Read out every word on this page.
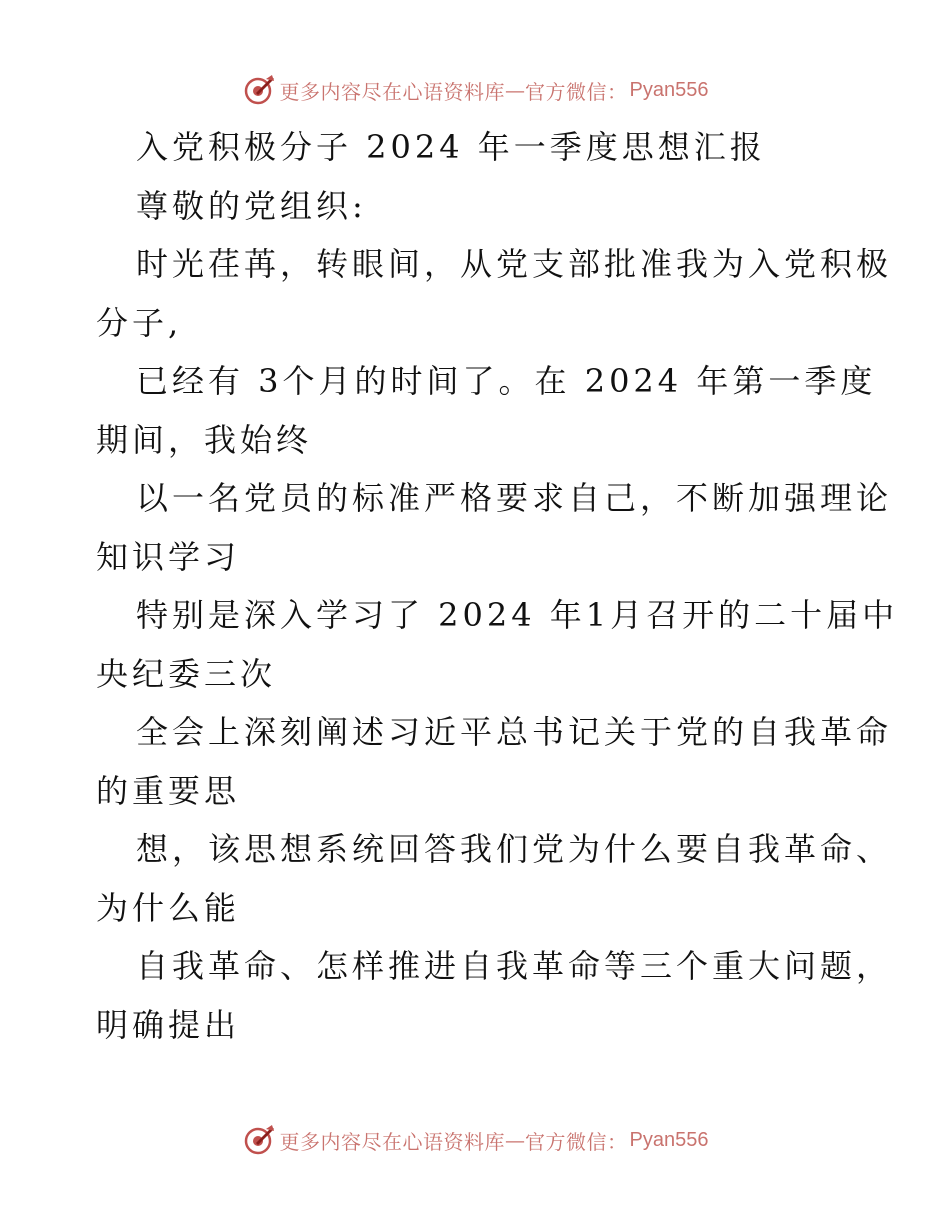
更多内容尽在心语资料库 — 官方微信： Pyan556
入党积极分子 2024 年一季度思想汇报
尊敬的党组织:
时光荏苒，转眼间，从党支部批准我为入党积极
分子,
已经有 3个月的时间了。在 2024 年第一季度
期间，我始终
以一名党员的标准严格要求自己，不断加强理论
知识学习
特别是深入学习了 2024 年1月召开的二十届中
央纪委三次
全会上深刻阐述习近平总书记关于党的自我革命
的重要思
想，该思想系统回答我们党为什么要自我革命、
为什么能
自我革命、怎样推进自我革命等三个重大问题，
明确提出
更多内容尽在心语资料库 — 官方微信： Pyan556
